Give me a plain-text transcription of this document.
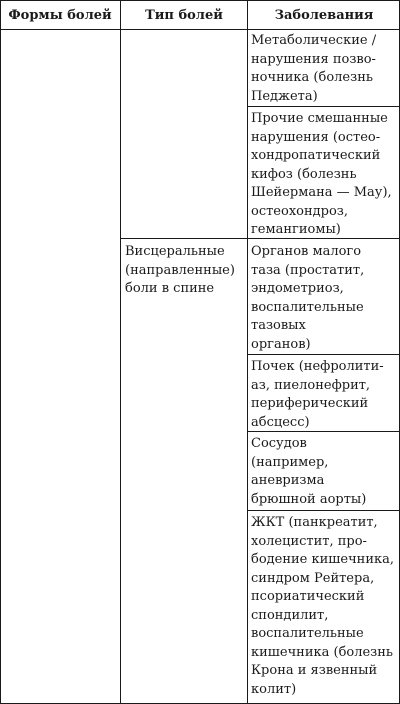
Формы болей	Тип болей	Заболевания
Висцеральные
(направленные)
боли в спине
Метаболические /
нарушения позво-
ночника (болезнь
Педжета)
Прочие смешанные
нарушения (остео-
хондропатический
кифоз (болезнь
Шейермана — Мау),
остеохондроз,
гемангиомы)
Органов малого
таза (простатит,
эндометриоз,
воспалительные
тазовых
органов)
Почек (нефролити-
аз, пиелонефрит,
периферический
абсцесс)
Сосудов
(например,
аневризма
брюшной аорты)
ЖКТ (панкреатит,
холецистит, про-
бодение кишечника,
синдром Рейтера,
псориатический
спондилит,
воспалительные
кишечника (болезнь
Крона и язвенный
колит)
